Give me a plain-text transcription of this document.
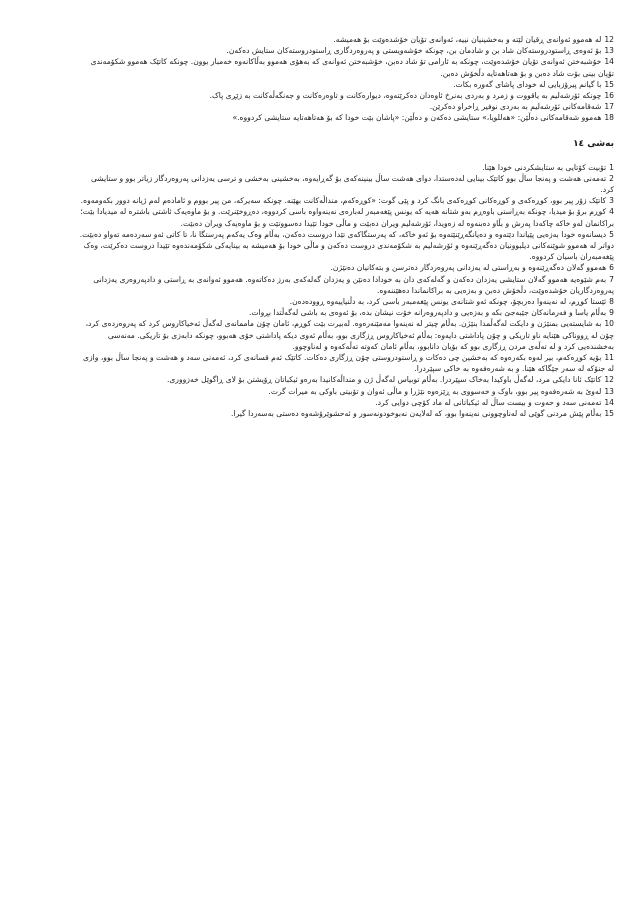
12لە هەموو ئەوانەی ڕقیان لێتە و بەخشینیان نییە، ئەوانەی تۆیان خۆشدەوێت بۆ هەمیشە.

13بۆ ئەوەی ڕاستودروستەکان شاد بن و شادمان بن، چونکە خۆشەویستی و پەروەردگاری ڕاستودروستەکان ستایش دەکەن.

14خۆشبەختن ئەوانەی تۆیان خۆشدەوێت، چونکە بە ئارامی تۆ شاد دەبن، خۆشبەختن ئەوانەی کە بەهۆی هەموو بەڵاکانەوە خەمبار بوون. چونکە کاتێک هەموو شکۆمەندی تۆیان بینی بۆت شاد دەبن و بۆ هەتاهەتایە دڵخۆش دەبن.

15با گیانم پیرۆزبایی لە خودای پاشای گەورە بکات.

16چونکە ئۆرشەلیم بە یاقووت و زمرد و بەردی بەنرخ ئاوەدان دەکرێتەوە، دیوارەکانت و تاوەرەکانت و جەنگەڵەکانت بە زێڕی پاک.

17شەقامەکانی ئۆرشەلیم بە بەردی نوفیر ڕاخراو دەکرێن.

18هەموو شەقامەکانی دەڵێن: «هەللویا،» ستایشی دەکەن و دەڵێن: «پاشان بێت خودا کە بۆ هەتاهەتایە ستایشی کردووە.»

بەشی ١٤

1تۆبیت کۆتایی بە ستایشکردنی خودا هێنا.

2تەمەنی هەشت و پەنجا ساڵ بوو کاتێک بینایی لەدەستدا، دوای هەشت ساڵ بینینەکەی بۆ گەڕایەوە، بەخشینی بەخشی و ترسی یەزدانی پەروەردگار زیاتر بوو و ستایشی کرد.

3کاتێک زۆر پیر بوو، کوڕەکەی و کوڕەکانی کوڕەکەی بانگ کرد و پێی گوت: «کوڕەکەم، منداڵەکانت بهێنە. چونکە سەیرکە، من پیر بووم و ئامادەم لەم ژیانە دوور بکەومەوە.

4کوڕم برۆ بۆ میدیا، چونکە بەڕاستی باوەڕم بەو شتانە هەیە کە یونس پێغەمبەر لەبارەی نەینەواوە باسی کردووە، دەڕوخێنرێت. و بۆ ماوەیەک ئاشتی باشترە لە میدیادا بێت؛ براکانمان لەو خاکە چاکەدا پەرش و بڵاو دەبنەوە لە زەویدا، ئۆرشەلیم ویران دەبێت و ماڵی خودا تێیدا دەسووتێت و بۆ ماوەیەک ویران دەبێت.

5دیسانەوە خودا بەزەیی پێیاندا دێتەوە و دەیانگەڕێنێتەوە بۆ ئەو خاکە، کە پەرستگاکەی تێدا دروست دەکەن، بەڵام وەک یەکەم پەرستگا نا، تا کاتی ئەو سەردەمە تەواو دەبێت. دواتر لە هەموو شوێنەکانی دیلبوونیان دەگەڕێنەوە و ئۆرشەلیم بە شکۆمەندی دروست دەکەن و ماڵی خودا بۆ هەمیشە بە بینایەکی شکۆمەندەوە تێیدا دروست دەکرێت، وەک پێغەمبەران باسیان کردووە.

6هەموو گەلان دەگەڕێنەوە و بەڕاستی لە یەزدانی پەروەردگار دەترسن و بتەکانیان دەنێژن.

7بەم شێوەیە هەموو گەلان ستایشی یەزدان دەکەن و گەلەکەی دان بە خودادا دەنێن و یەزدان گەلەکەی بەرز دەکاتەوە. هەموو ئەوانەی بە ڕاستی و دادپەروەری یەزدانی پەروەردگاریان خۆشدەوێت، دڵخۆش دەبن و بەزەیی بە براکانماندا دەهێننەوە.

8ئێستا کوڕم، لە نەینەوا دەربچۆ، چونکە ئەو شتانەی یونس پێغەمبەر باسی کرد، بە دڵنیاییەوە ڕوودەدەن.

9بەڵام یاسا و فەرمانەکان جێبەجێ بکە و بەزەیی و دادپەروەرانە خۆت نیشان بدە، بۆ ئەوەی بە باشی لەگەڵتدا بڕوات.

10بە شایستەیی بمنێژن و دایکت لەگەڵمدا بنێژن. بەڵام چیتر لە نەینەوا مەمێنەرەوە. لەبیرت بێت کوڕم، ئامان چۆن ماممانەی لەگەڵ ئەخیاکاروس کرد کە پەروەردەی کرد، چۆن لە ڕووناکی هێنایە ناو تاریکی و چۆن پاداشتی دایەوە: بەڵام ئەخیاکاروس ڕزگاری بوو، بەڵام ئەوی دیکە پاداشتی خۆی هەبوو، چونکە دابەزی بۆ تاریکی. مەنەسی بەخشندەیی کرد و لە تەڵەی مردن ڕزگاری بوو کە بۆیان دانابوو، بەڵام ئامان کەوتە تەڵەکەوە و لەناوچوو.

11بۆیە کوڕەکەم، بیر لەوە بکەرەوە کە بەخشین چی دەکات و ڕاستودروستی چۆن ڕزگاری دەکات. کاتێک ئەم قسانەی کرد، ئەمەنی سەد و هەشت و پەنجا ساڵ بوو، وازی لە جنۆکە لە سەر جێگاکە هێنا. و بە شەرەفەوە بە خاکی سپێردرا.

12کاتێک ئانا دایکی مرد، لەگەڵ باوکیدا بەخاک سپێردرا. بەڵام توبیاس لەگەڵ ژن و منداڵەکانیدا بەرەو ئیکباتان ڕۆیشتن بۆ لای ڕاگوێل خەزووری.

13لەوێ بە شەرەفەوە پیر بوو، باوک و خەسووی بە ڕێزەوە نێژرا و ماڵی ئەوان و تۆبیتی باوکی بە میرات گرت.

14تەمەنی سەد و حەوت و بیست ساڵ لە ئیکباتانی لە ماد کۆچی دوایی کرد.

15بەڵام پێش مردنی گوێی لە لەناوچوونی نەینەوا بوو، کە لەلایەن نەبوخودونەسور و ئەحشوێرۆشەوە دەستی بەسەردا گیرا.
